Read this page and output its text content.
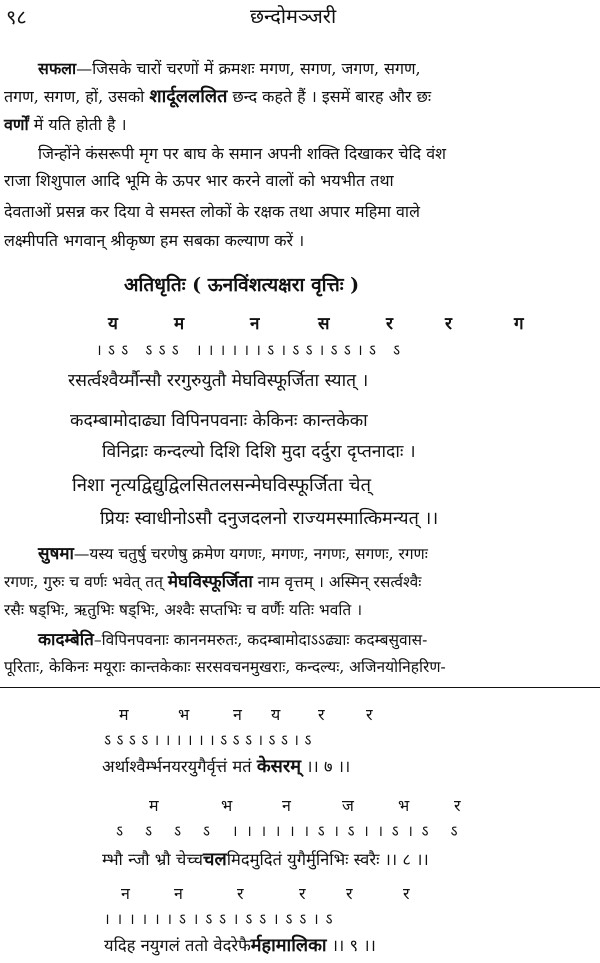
९८	छन्दोमञ्जरी
सफला—जिसके चारों चरणों में क्रमशः मगण, सगण, जगण, सगण,
तगण, सगण, हों, उसको शार्दूलललित छन्द कहते हैं । इसमें बारह और छः
वर्णों में यति होती है ।
जिन्होंने कंसरूपी मृग पर बाघ के समान अपनी शक्ति दिखाकर चेदि वंश
राजा शिशुपाल आदि भूमि के ऊपर भार करने वालों को भयभीत तथा
देवताओं प्रसन्न कर दिया वे समस्त लोकों के रक्षक तथा अपार महिमा वाले
लक्ष्मीपति भगवान् श्रीकृष्ण हम सबका कल्याण करें ।
अतिधृतिः ( ऊनविंशत्यक्षरा वृत्तिः )
य	म	न	स	र	र	ग
।ऽऽ ऽऽऽ ।।।।।।ऽ।ऽऽ।ऽऽ।ऽ ऽ
रसर्त्वश्वैर्य्मौन्सौ ररगुरुयुतौ मेघविस्फूर्जिता स्यात् ।
कदम्बामोदाढ्या विपिनपवनाः केकिनः कान्तकेका
विनिद्राः कन्दल्यो दिशि दिशि मुदा दर्दुरा दृप्तनादाः ।
निशा नृत्यद्विद्युद्विलसितलसन्मेघविस्फूर्जिता चेत्
प्रियः स्वाधीनोऽसौ दनुजदलनो राज्यमस्मात्किमन्यत् ।।
सुषमा—यस्य चतुर्षु चरणेषु क्रमेण यगणः, मगणः, नगणः, सगणः, रगणः
रगणः, गुरुः च वर्णः भवेत् तत् मेघविस्फूर्जिता नाम वृत्तम् । अस्मिन् रसर्त्वश्वैः
रसैः षड्भिः, ऋतुभिः षड्भिः, अश्वैः सप्तभिः च वर्णैः यतिः भवति ।
कादम्बेति–विपिनपवनाः काननमरुतः, कदम्बामोदाऽऽढ्याः कदम्बसुवास-
पूरिताः, केकिनः मयूराः कान्तकेकाः सरसवचनमुखराः, कन्दल्यः, अजिनयोनिहरिण-
म	भ	न य र	र
ऽऽऽऽ।।।।।।ऽऽऽ।ऽऽ।ऽ
अर्थाश्वैर्म्भनयरयुगैर्वृत्तं मतं केसरम् ।। ७ ।।
म	भ	न	ज	भ	र
ऽ ऽ ऽ ऽ ।।।।।।ऽ।ऽ।।ऽ।ऽ ऽ
म्भौ न्जौ भ्रौ चेच्चचलमिदमुदितं युगैर्मुनिभिः स्वरैः ।। ८ ।।
न	न	र	र	र	र
।।।।।।ऽ।ऽऽ।ऽऽ।ऽऽ।ऽ
यदिह नयुगलं ततो वेदरेफैर्महामालिका ।। ९ ।।
